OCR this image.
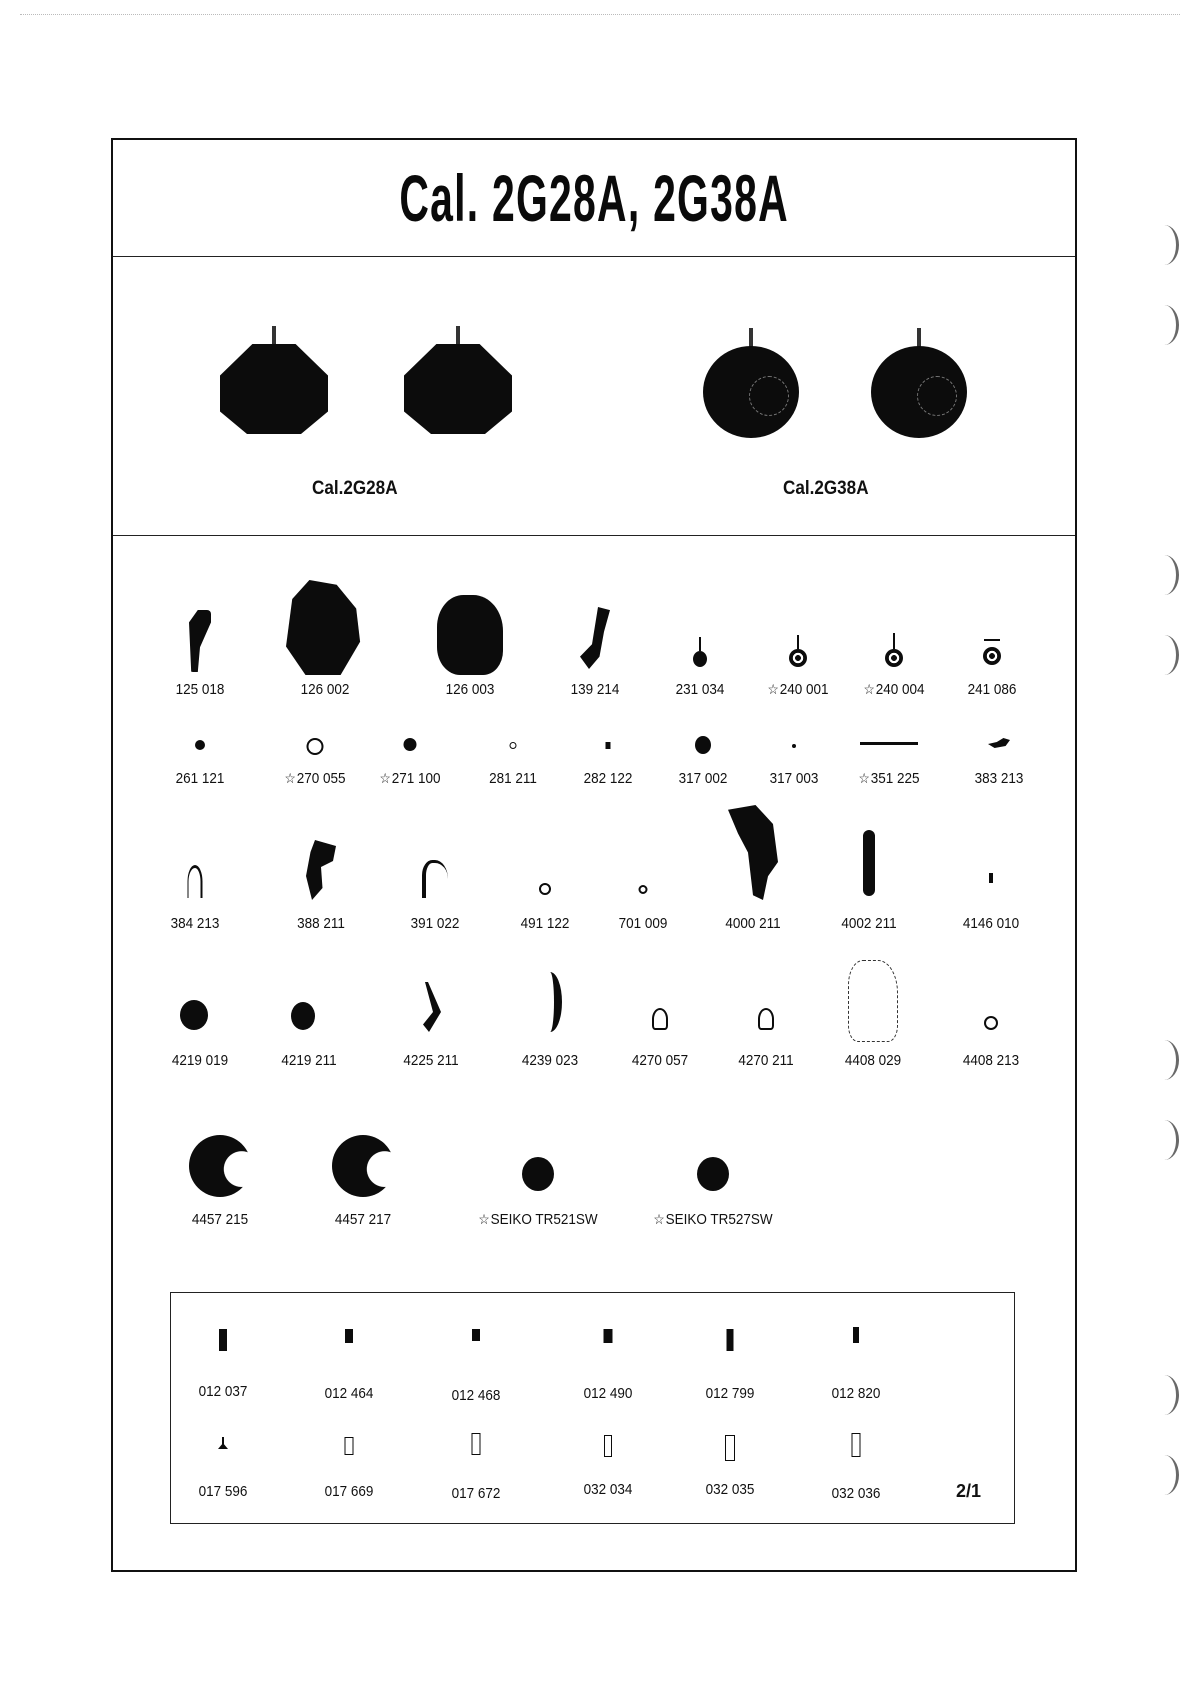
Cal. 2G28A, 2G38A
Cal.2G28A	Cal.2G38A
125 018	126 002	126 003	139 214	231 034	☆240 001	☆240 004	241 086
261 121	☆270 055	☆271 100	281 211	282 122	317 002	317 003	☆351 225	383 213
384 213	388 211	391 022	491 122	701 009	4000 211	4002 211	4146 010
4219 019	4219 211	4225 211	4239 023	4270 057	4270 211	4408 029	4408 213
4457 215	4457 217	☆SEIKO TR521SW	☆SEIKO TR527SW
012 037	012 464	012 468	012 490	012 799	012 820
017 596	017 669	017 672	032 034	032 035	032 036	2/1
